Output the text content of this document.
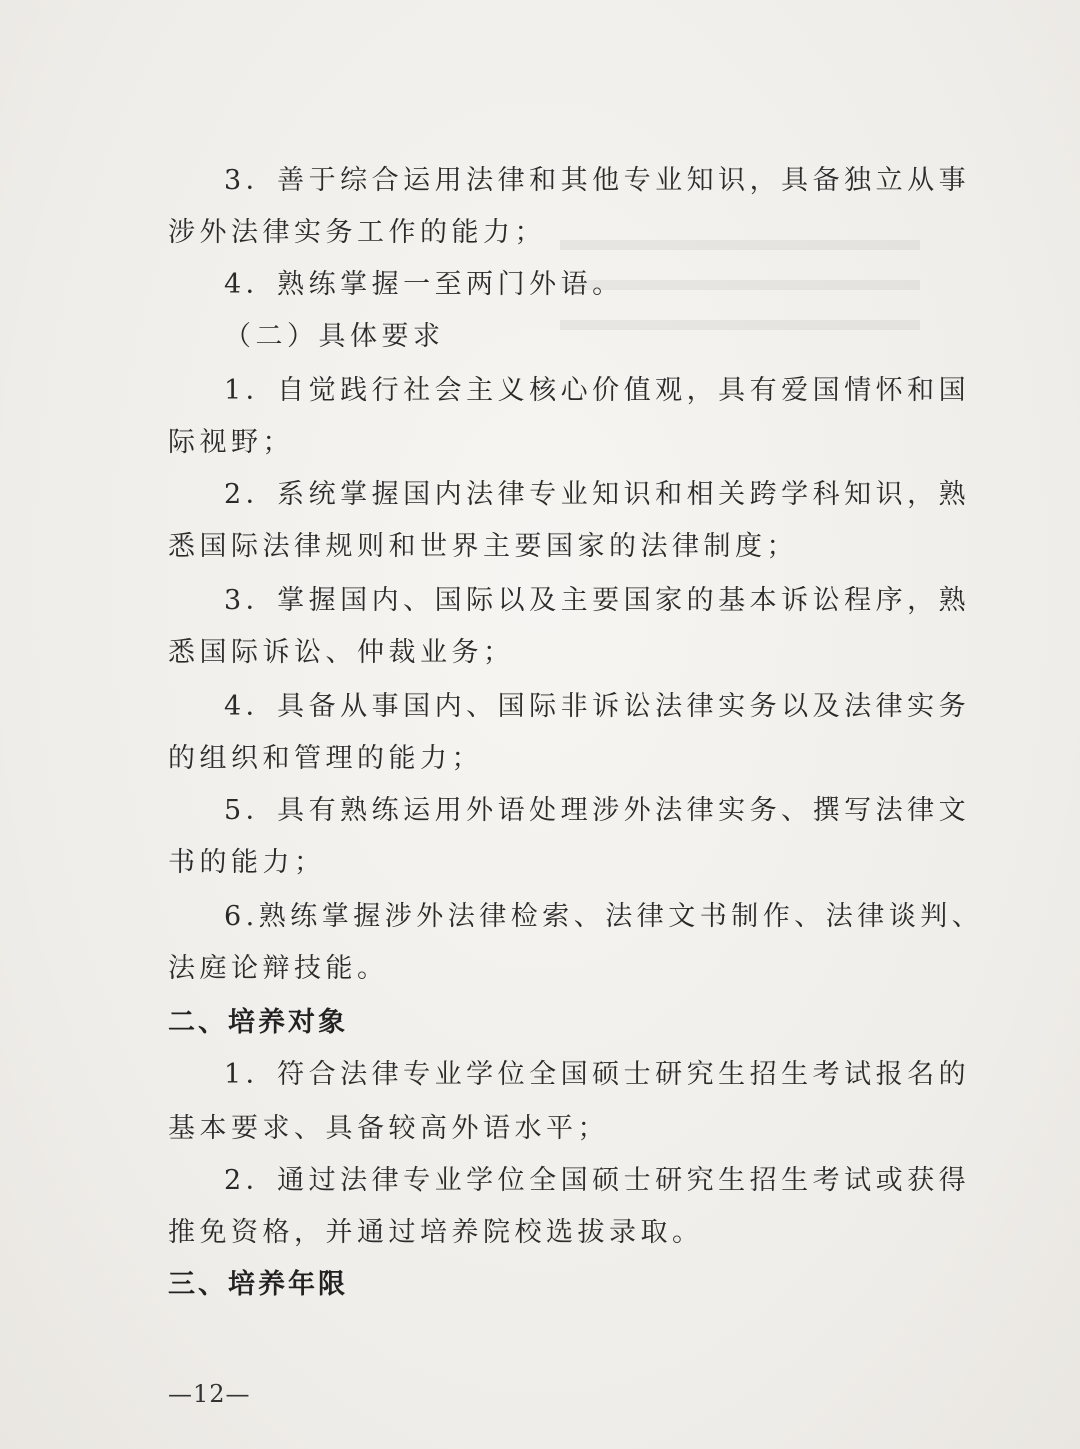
3．善于综合运用法律和其他专业知识，具备独立从事
涉外法律实务工作的能力；
4．熟练掌握一至两门外语。
（二）具体要求
1．自觉践行社会主义核心价值观，具有爱国情怀和国
际视野；
2．系统掌握国内法律专业知识和相关跨学科知识，熟
悉国际法律规则和世界主要国家的法律制度；
3．掌握国内、国际以及主要国家的基本诉讼程序，熟
悉国际诉讼、仲裁业务；
4．具备从事国内、国际非诉讼法律实务以及法律实务
的组织和管理的能力；
5．具有熟练运用外语处理涉外法律实务、撰写法律文
书的能力；
6.熟练掌握涉外法律检索、法律文书制作、法律谈判、
法庭论辩技能。
二、培养对象
1．符合法律专业学位全国硕士研究生招生考试报名的
基本要求、具备较高外语水平；
2．通过法律专业学位全国硕士研究生招生考试或获得
推免资格，并通过培养院校选拔录取。
三、培养年限
—12—
